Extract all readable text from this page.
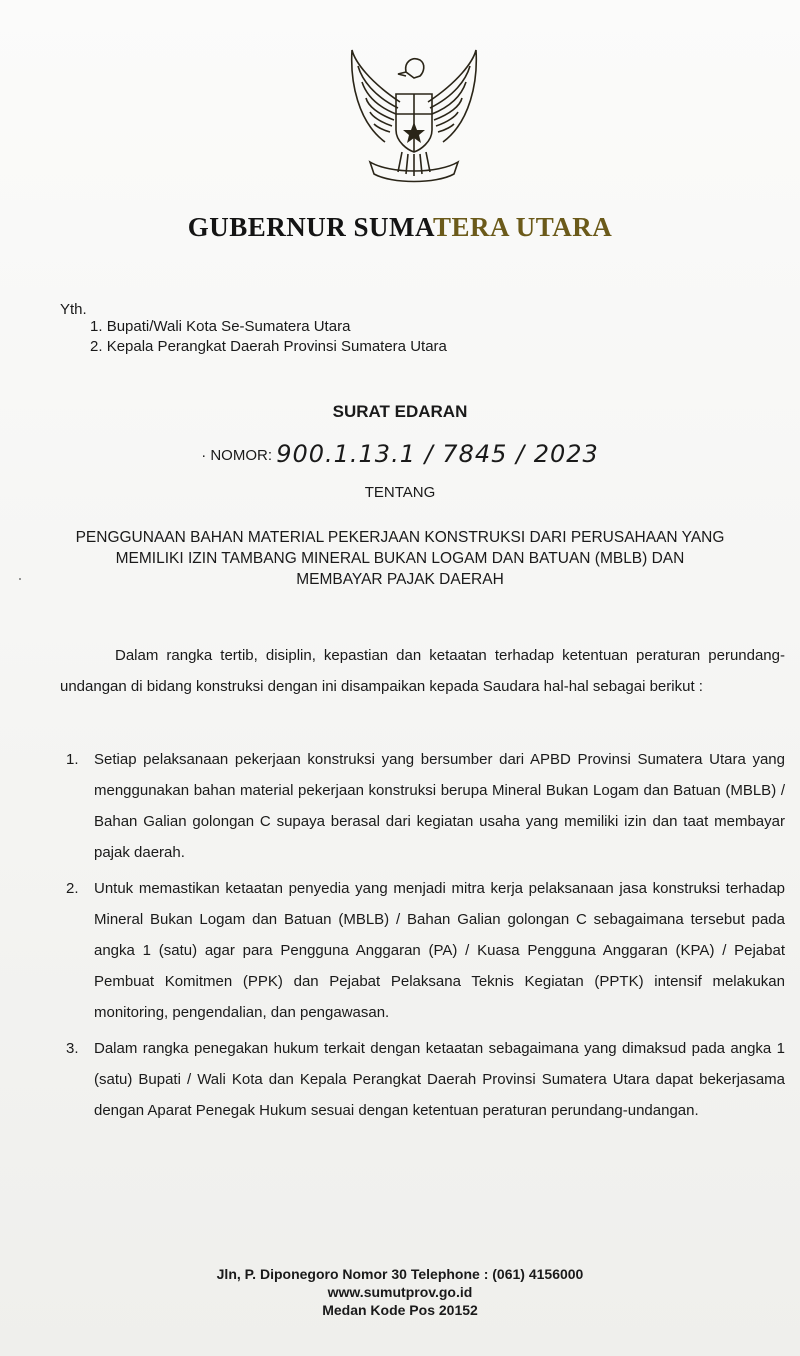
GUBERNUR SUMATERA UTARA
Yth.
1. Bupati/Wali Kota Se-Sumatera Utara
2. Kepala Perangkat Daerah Provinsi Sumatera Utara
SURAT EDARAN
· NOMOR: 900.1.13.1 / 7845 / 2023
TENTANG
PENGGUNAAN BAHAN MATERIAL PEKERJAAN KONSTRUKSI DARI PERUSAHAAN YANG
MEMILIKI IZIN TAMBANG MINERAL BUKAN LOGAM DAN BATUAN (MBLB) DAN
MEMBAYAR PAJAK DAERAH
Dalam rangka tertib, disiplin, kepastian dan ketaatan terhadap ketentuan peraturan perundang-undangan di bidang konstruksi dengan ini disampaikan kepada Saudara hal-hal sebagai berikut :
1. Setiap pelaksanaan pekerjaan konstruksi yang bersumber dari APBD Provinsi Sumatera Utara yang menggunakan bahan material pekerjaan konstruksi berupa Mineral Bukan Logam dan Batuan (MBLB) / Bahan Galian golongan C supaya berasal dari kegiatan usaha yang memiliki izin dan taat membayar pajak daerah.
2. Untuk memastikan ketaatan penyedia yang menjadi mitra kerja pelaksanaan jasa konstruksi terhadap Mineral Bukan Logam dan Batuan (MBLB) / Bahan Galian golongan C sebagaimana tersebut pada angka 1 (satu) agar para Pengguna Anggaran (PA) / Kuasa Pengguna Anggaran (KPA) / Pejabat Pembuat Komitmen (PPK) dan Pejabat Pelaksana Teknis Kegiatan (PPTK) intensif melakukan monitoring, pengendalian, dan pengawasan.
3. Dalam rangka penegakan hukum terkait dengan ketaatan sebagaimana yang dimaksud pada angka 1 (satu) Bupati / Wali Kota dan Kepala Perangkat Daerah Provinsi Sumatera Utara dapat bekerjasama dengan Aparat Penegak Hukum sesuai dengan ketentuan peraturan perundang-undangan.
Jln, P. Diponegoro Nomor 30 Telephone : (061) 4156000
www.sumutprov.go.id
Medan Kode Pos 20152
